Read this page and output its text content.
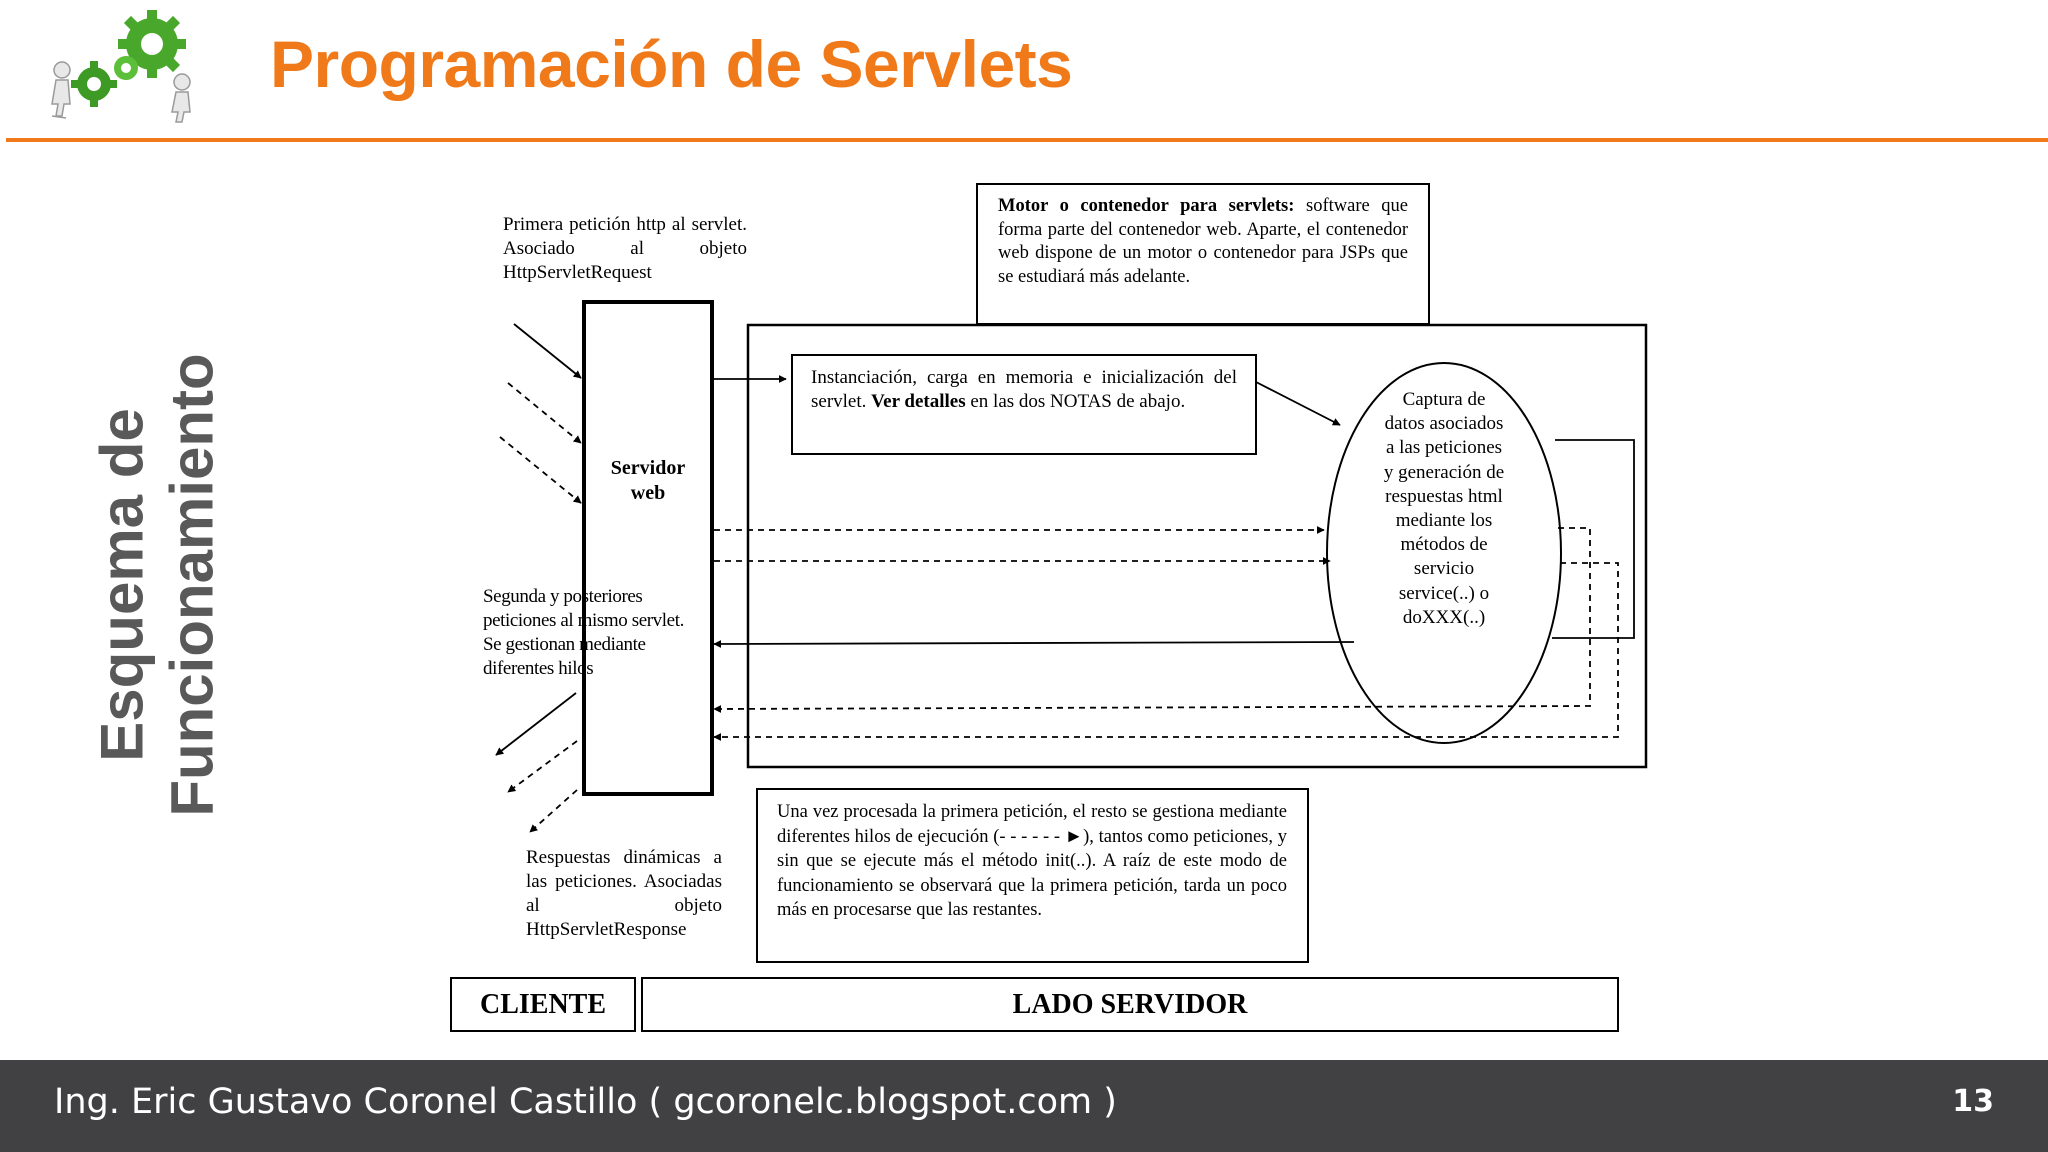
Programación de Servlets
Esquema de Funcionamiento

Primera petición http al servlet. Asociado al objeto HttpServletRequest

Motor o contenedor para servlets: software que forma parte del contenedor web. Aparte, el contenedor web dispone de un motor o contenedor para JSPs que se estudiará más adelante.

Servidor
web

Instanciación, carga en memoria e inicialización del servlet. Ver detalles en las dos NOTAS de abajo.	Captura de
datos asociados
a las peticiones
y generación de
respuestas html
mediante los
métodos de
servicio
service(..) o
doXXX(..)

Segunda y posteriores peticiones al mismo servlet. Se gestionan mediante diferentes hilos

Respuestas dinámicas a las peticiones. Asociadas al objeto HttpServletResponse

Una vez procesada la primera petición, el resto se gestiona mediante diferentes hilos de ejecución (- - - - - - ►), tantos como peticiones, y sin que se ejecute más el método init(..). A raíz de este modo de funcionamiento se observará que la primera petición, tarda un poco más en procesarse que las restantes.

CLIENTE	LADO SERVIDOR
Ing. Eric Gustavo Coronel Castillo ( gcoronelc.blogspot.com )	13
